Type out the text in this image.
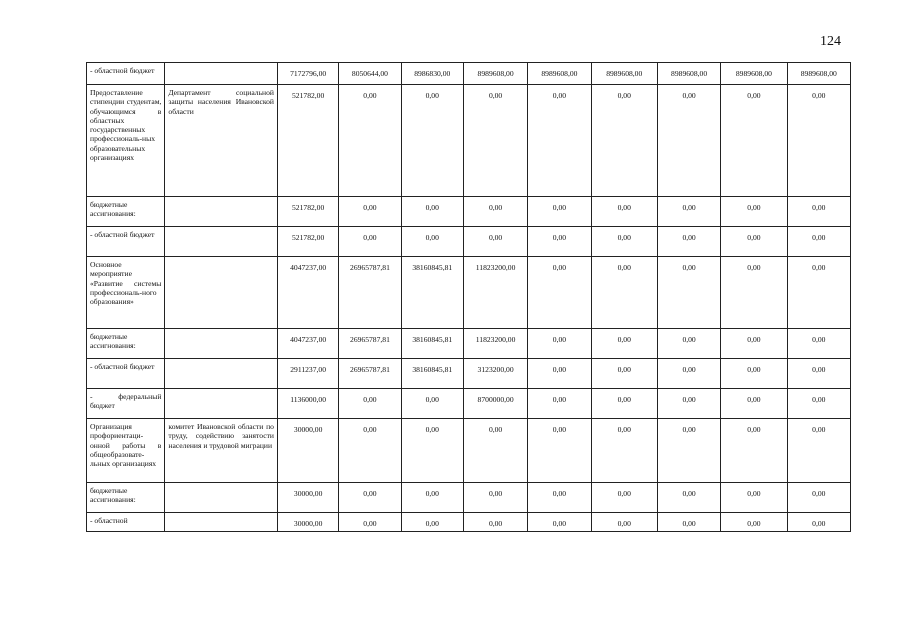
124
	- областной бюджет		7172796,00	8050644,00	8986830,00	8989608,00	8989608,00	8989608,00	8989608,00	8989608,00	8989608,00
	Предоставление стипендии студентам, обучающимся в областных государственных профессиональ-ных образовательных организациях	Департамент социальной защиты населения Ивановской области	521782,00	0,00	0,00	0,00	0,00	0,00	0,00	0,00	0,00
	бюджетные ассигнования:		521782,00	0,00	0,00	0,00	0,00	0,00	0,00	0,00	0,00
	- областной бюджет		521782,00	0,00	0,00	0,00	0,00	0,00	0,00	0,00	0,00
	Основное мероприятие «Развитие системы профессиональ-ного образования»		4047237,00	26965787,81	38160845,81	11823200,00	0,00	0,00	0,00	0,00	0,00
	бюджетные ассигнования:		4047237,00	26965787,81	38160845,81	11823200,00	0,00	0,00	0,00	0,00	0,00
	- областной бюджет		2911237,00	26965787,81	38160845,81	3123200,00	0,00	0,00	0,00	0,00	0,00
	- федеральный бюджет		1136000,00	0,00	0,00	8700000,00	0,00	0,00	0,00	0,00	0,00
	Организация профориентаци-онной работы в общеобразовате-льных организациях	комитет Ивановской области по труду, содействию занятости населения и трудовой миграции	30000,00	0,00	0,00	0,00	0,00	0,00	0,00	0,00	0,00
	бюджетные ассигнования:		30000,00	0,00	0,00	0,00	0,00	0,00	0,00	0,00	0,00
	- областной		30000,00	0,00	0,00	0,00	0,00	0,00	0,00	0,00	0,00
